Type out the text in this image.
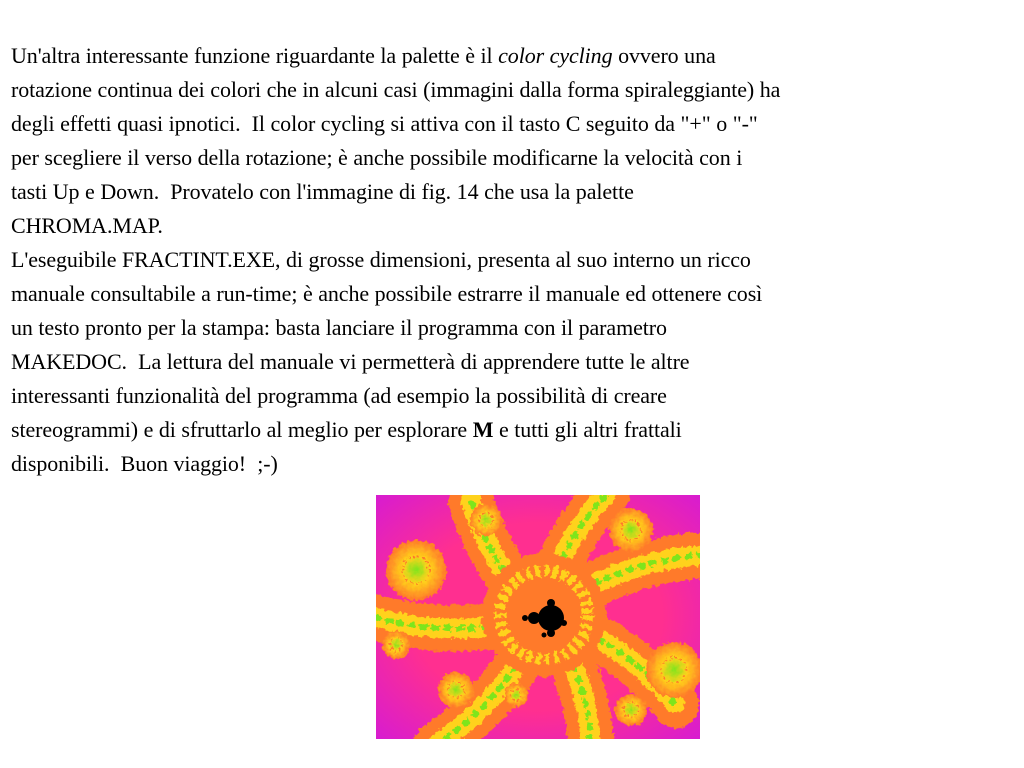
Un'altra interessante funzione riguardante la palette è il color cycling ovvero una
rotazione continua dei colori che in alcuni casi (immagini dalla forma spiraleggiante) ha
degli effetti quasi ipnotici.  Il color cycling si attiva con il tasto C seguito da "+" o "-"
per scegliere il verso della rotazione; è anche possibile modificarne la velocità con i
tasti Up e Down.  Provatelo con l'immagine di fig. 14 che usa la palette
CHROMA.MAP.
L'eseguibile FRACTINT.EXE, di grosse dimensioni, presenta al suo interno un ricco
manuale consultabile a run-time; è anche possibile estrarre il manuale ed ottenere così
un testo pronto per la stampa: basta lanciare il programma con il parametro
MAKEDOC.  La lettura del manuale vi permetterà di apprendere tutte le altre
interessanti funzionalità del programma (ad esempio la possibilità di creare
stereogrammi) e di sfruttarlo al meglio per esplorare M e tutti gli altri frattali
disponibili.  Buon viaggio!  ;-)
